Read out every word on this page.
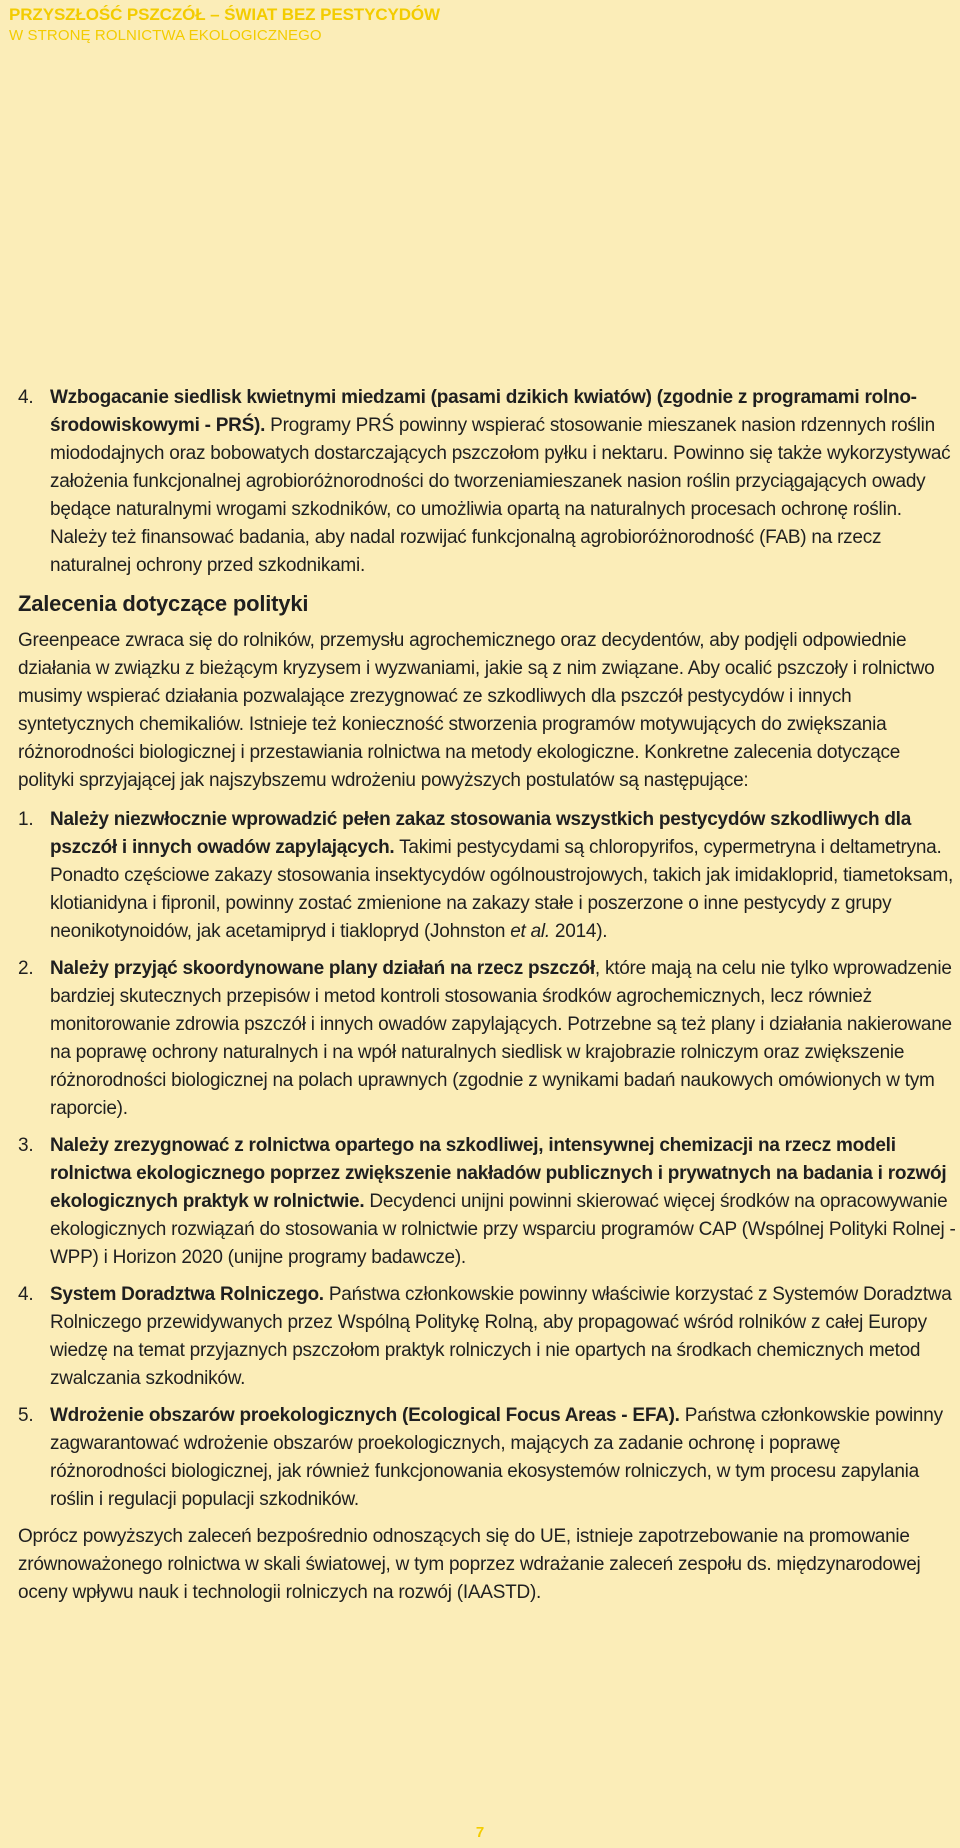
PRZYSZŁOŚĆ PSZCZÓŁ – ŚWIAT BEZ PESTYCYDÓW

W STRONĘ ROLNICTWA EKOLOGICZNEGO

4. Wzbogacanie siedlisk kwietnymi miedzami (pasami dzikich kwiatów) (zgodnie z programami rolno-środowiskowymi - PRŚ). Programy PRŚ powinny wspierać stosowanie mieszanek nasion rdzennych roślin miododajnych oraz bobowatych dostarczających pszczołom pyłku i nektaru. Powinno się także wykorzystywać założenia funkcjonalnej agrobioróżnorodności do tworzeniamieszanek nasion roślin przyciągających owady będące naturalnymi wrogami szkodników, co umożliwia opartą na naturalnych procesach ochronę roślin. Należy też finansować badania, aby nadal rozwijać funkcjonalną agrobioróżnorodność (FAB) na rzecz naturalnej ochrony przed szkodnikami.

Zalecenia dotyczące polityki

Greenpeace zwraca się do rolników, przemysłu agrochemicznego oraz decydentów, aby podjęli odpowiednie działania w związku z bieżącym kryzysem i wyzwaniami, jakie są z nim związane. Aby ocalić pszczoły i rolnictwo musimy wspierać działania pozwalające zrezygnować ze szkodliwych dla pszczół pestycydów i innych syntetycznych chemikaliów. Istnieje też konieczność stworzenia programów motywujących do zwiększania różnorodności biologicznej i przestawiania rolnictwa na metody ekologiczne. Konkretne zalecenia dotyczące polityki sprzyjającej jak najszybszemu wdrożeniu powyższych postulatów są następujące:

1. Należy niezwłocznie wprowadzić pełen zakaz stosowania wszystkich pestycydów szkodliwych dla pszczół i innych owadów zapylających. Takimi pestycydami są chloropyrifos, cypermetryna i deltametryna. Ponadto częściowe zakazy stosowania insektycydów ogólnoustrojowych, takich jak imidakloprid, tiametoksam, klotianidyna i fipronil, powinny zostać zmienione na zakazy stałe i poszerzone o inne pestycydy z grupy neonikotynoidów, jak acetamipryd i tiaklopryd (Johnston et al. 2014).

2. Należy przyjąć skoordynowane plany działań na rzecz pszczół, które mają na celu nie tylko wprowadzenie bardziej skutecznych przepisów i metod kontroli stosowania środków agrochemicznych, lecz również monitorowanie zdrowia pszczół i innych owadów zapylających. Potrzebne są też plany i działania nakierowane na poprawę ochrony naturalnych i na wpół naturalnych siedlisk w krajobrazie rolniczym oraz zwiększenie różnorodności biologicznej na polach uprawnych (zgodnie z wynikami badań naukowych omówionych w tym raporcie).

3. Należy zrezygnować z rolnictwa opartego na szkodliwej, intensywnej chemizacji na rzecz modeli rolnictwa ekologicznego poprzez zwiększenie nakładów publicznych i prywatnych na badania i rozwój ekologicznych praktyk w rolnictwie. Decydenci unijni powinni skierować więcej środków na opracowywanie ekologicznych rozwiązań do stosowania w rolnictwie przy wsparciu programów CAP (Wspólnej Polityki Rolnej - WPP) i Horizon 2020 (unijne programy badawcze).

4. System Doradztwa Rolniczego. Państwa członkowskie powinny właściwie korzystać z Systemów Doradztwa Rolniczego przewidywanych przez Wspólną Politykę Rolną, aby propagować wśród rolników z całej Europy wiedzę na temat przyjaznych pszczołom praktyk rolniczych i nie opartych na środkach chemicznych metod zwalczania szkodników.

5. Wdrożenie obszarów proekologicznych (Ecological Focus Areas - EFA). Państwa członkowskie powinny zagwarantować wdrożenie obszarów proekologicznych, mających za zadanie ochronę i poprawę różnorodności biologicznej, jak również funkcjonowania ekosystemów rolniczych, w tym procesu zapylania roślin i regulacji populacji szkodników.

Oprócz powyższych zaleceń bezpośrednio odnoszących się do UE, istnieje zapotrzebowanie na promowanie zrównoważonego rolnictwa w skali światowej, w tym poprzez wdrażanie zaleceń zespołu ds. międzynarodowej oceny wpływu nauk i technologii rolniczych na rozwój (IAASTD).

7
